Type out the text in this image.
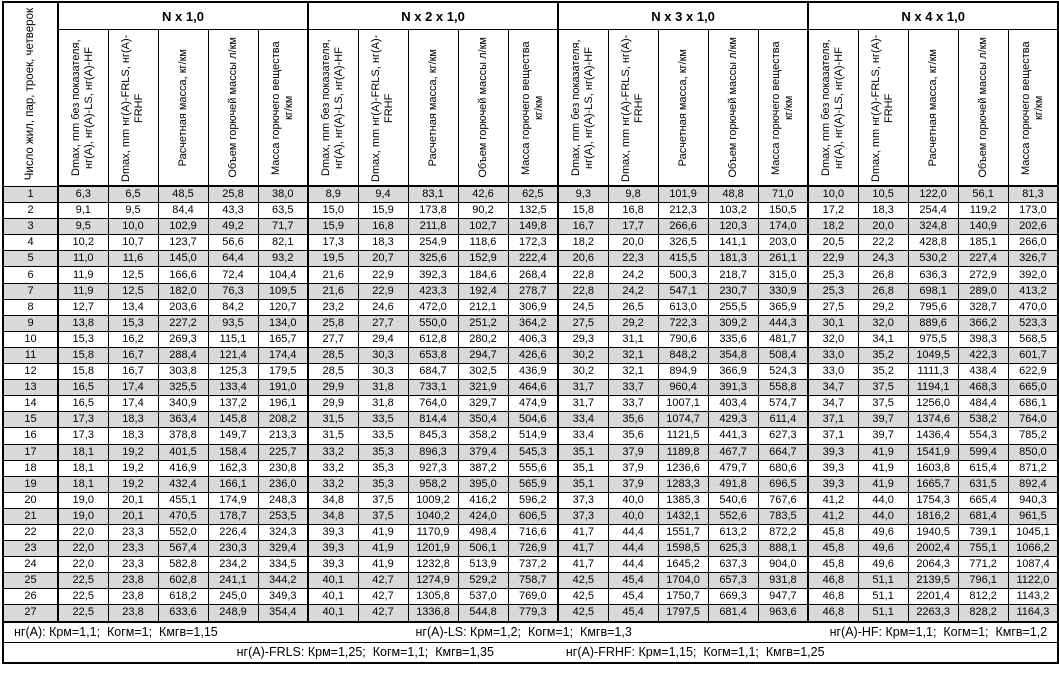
Число жил, пар, троек, четверок	N x 1,0					N x 2 x 1,0					N x 3 x 1,0					N x 4 x 1,0				

	Dmax, mm без показателя, нг(А), нг(А)-LS, нг(А)-HF	Dmax, mm нг(А)-FRLS, нг(А)-FRHF	Расчетная масса, кг/км	Объем горючей массы л/км	Масса горючего вещества кг/км	Dmax, mm без показателя, нг(А), нг(А)-LS, нг(А)-HF	Dmax, mm нг(А)-FRLS, нг(А)-FRHF	Расчетная масса, кг/км	Объем горючей массы л/км	Масса горючего вещества кг/км	Dmax, mm без показателя, нг(А), нг(А)-LS, нг(А)-HF	Dmax, mm нг(А)-FRLS, нг(А)-FRHF	Расчетная масса, кг/км	Объем горючей массы л/км	Масса горючего вещества кг/км	Dmax, mm без показателя, нг(А), нг(А)-LS, нг(А)-HF	Dmax, mm нг(А)-FRLS, нг(А)-FRHF	Расчетная масса, кг/км	Объем горючей массы л/км	Масса горючего вещества кг/км

1	6,3	6,5	48,5	25,8	38,0	8,9	9,4	83,1	42,6	62,5	9,3	9,8	101,9	48,8	71,0	10,0	10,5	122,0	56,1	81,3
2	9,1	9,5	84,4	43,3	63,5	15,0	15,9	173,8	90,2	132,5	15,8	16,8	212,3	103,2	150,5	17,2	18,3	254,4	119,2	173,0
3	9,5	10,0	102,9	49,2	71,7	15,9	16,8	211,8	102,7	149,8	16,7	17,7	266,6	120,3	174,0	18,2	20,0	324,8	140,9	202,6
4	10,2	10,7	123,7	56,6	82,1	17,3	18,3	254,9	118,6	172,3	18,2	20,0	326,5	141,1	203,0	20,5	22,2	428,8	185,1	266,0
5	11,0	11,6	145,0	64,4	93,2	19,5	20,7	325,6	152,9	222,4	20,6	22,3	415,5	181,3	261,1	22,9	24,3	530,2	227,4	326,7
6	11,9	12,5	166,6	72,4	104,4	21,6	22,9	392,3	184,6	268,4	22,8	24,2	500,3	218,7	315,0	25,3	26,8	636,3	272,9	392,0
7	11,9	12,5	182,0	76,3	109,5	21,6	22,9	423,3	192,4	278,7	22,8	24,2	547,1	230,7	330,9	25,3	26,8	698,1	289,0	413,2
8	12,7	13,4	203,6	84,2	120,7	23,2	24,6	472,0	212,1	306,9	24,5	26,5	613,0	255,5	365,9	27,5	29,2	795,6	328,7	470,0
9	13,8	15,3	227,2	93,5	134,0	25,8	27,7	550,0	251,2	364,2	27,5	29,2	722,3	309,2	444,3	30,1	32,0	889,6	366,2	523,3
10	15,3	16,2	269,3	115,1	165,7	27,7	29,4	612,8	280,2	406,3	29,3	31,1	790,6	335,6	481,7	32,0	34,1	975,5	398,3	568,5
11	15,8	16,7	288,4	121,4	174,4	28,5	30,3	653,8	294,7	426,6	30,2	32,1	848,2	354,8	508,4	33,0	35,2	1049,5	422,3	601,7
12	15,8	16,7	303,8	125,3	179,5	28,5	30,3	684,7	302,5	436,9	30,2	32,1	894,9	366,9	524,3	33,0	35,2	1111,3	438,4	622,9
13	16,5	17,4	325,5	133,4	191,0	29,9	31,8	733,1	321,9	464,6	31,7	33,7	960,4	391,3	558,8	34,7	37,5	1194,1	468,3	665,0
14	16,5	17,4	340,9	137,2	196,1	29,9	31,8	764,0	329,7	474,9	31,7	33,7	1007,1	403,4	574,7	34,7	37,5	1256,0	484,4	686,1
15	17,3	18,3	363,4	145,8	208,2	31,5	33,5	814,4	350,4	504,6	33,4	35,6	1074,7	429,3	611,4	37,1	39,7	1374,6	538,2	764,0
16	17,3	18,3	378,8	149,7	213,3	31,5	33,5	845,3	358,2	514,9	33,4	35,6	1121,5	441,3	627,3	37,1	39,7	1436,4	554,3	785,2
17	18,1	19,2	401,5	158,4	225,7	33,2	35,3	896,3	379,4	545,3	35,1	37,9	1189,8	467,7	664,7	39,3	41,9	1541,9	599,4	850,0
18	18,1	19,2	416,9	162,3	230,8	33,2	35,3	927,3	387,2	555,6	35,1	37,9	1236,6	479,7	680,6	39,3	41,9	1603,8	615,4	871,2
19	18,1	19,2	432,4	166,1	236,0	33,2	35,3	958,2	395,0	565,9	35,1	37,9	1283,3	491,8	696,5	39,3	41,9	1665,7	631,5	892,4
20	19,0	20,1	455,1	174,9	248,3	34,8	37,5	1009,2	416,2	596,2	37,3	40,0	1385,3	540,6	767,6	41,2	44,0	1754,3	665,4	940,3
21	19,0	20,1	470,5	178,7	253,5	34,8	37,5	1040,2	424,0	606,5	37,3	40,0	1432,1	552,6	783,5	41,2	44,0	1816,2	681,4	961,5
22	22,0	23,3	552,0	226,4	324,3	39,3	41,9	1170,9	498,4	716,6	41,7	44,4	1551,7	613,2	872,2	45,8	49,6	1940,5	739,1	1045,1
23	22,0	23,3	567,4	230,3	329,4	39,3	41,9	1201,9	506,1	726,9	41,7	44,4	1598,5	625,3	888,1	45,8	49,6	2002,4	755,1	1066,2
24	22,0	23,3	582,8	234,2	334,5	39,3	41,9	1232,8	513,9	737,2	41,7	44,4	1645,2	637,3	904,0	45,8	49,6	2064,3	771,2	1087,4
25	22,5	23,8	602,8	241,1	344,2	40,1	42,7	1274,9	529,2	758,7	42,5	45,4	1704,0	657,3	931,8	46,8	51,1	2139,5	796,1	1122,0
26	22,5	23,8	618,2	245,0	349,3	40,1	42,7	1305,8	537,0	769,0	42,5	45,4	1750,7	669,3	947,7	46,8	51,1	2201,4	812,2	1143,2
27	22,5	23,8	633,6	248,9	354,4	40,1	42,7	1336,8	544,8	779,3	42,5	45,4	1797,5	681,4	963,6	46,8	51,1	2263,3	828,2	1164,3

нг(А): Крм=1,1;  Когм=1;  Кмгв=1,15 нг(А)-LS: Крм=1,2;  Когм=1;  Кмгв=1,3 нг(А)-HF: Крм=1,1;  Когм=1;  Кмгв=1,2																				

нг(А)-FRLS: Крм=1,25;  Когм=1,1;  Кмгв=1,35 нг(А)-FRHF: Крм=1,15;  Когм=1,1;  Кмгв=1,25																				
